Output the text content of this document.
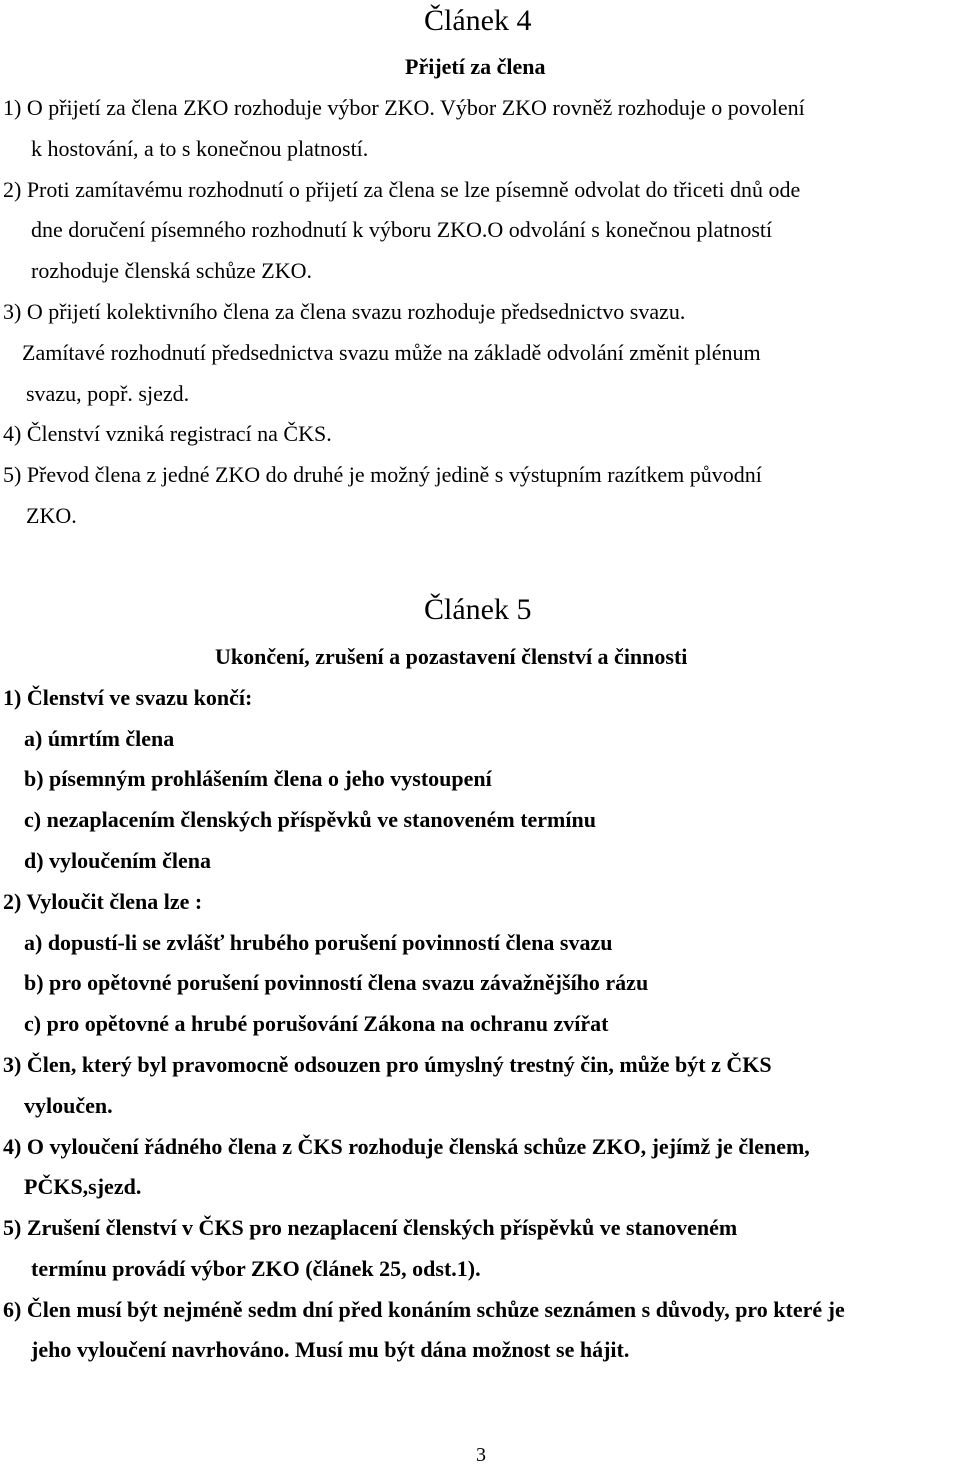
Článek 4
Přijetí za člena
1) O přijetí za člena ZKO rozhoduje výbor ZKO. Výbor ZKO rovněž rozhoduje o povolení
k hostování, a to s konečnou platností.
2) Proti zamítavému rozhodnutí o přijetí za člena se lze písemně odvolat do třiceti dnů ode
dne doručení písemného rozhodnutí k výboru ZKO.O odvolání s konečnou platností
rozhoduje členská schůze ZKO.
3) O přijetí kolektivního člena za člena svazu rozhoduje předsednictvo svazu.
Zamítavé rozhodnutí předsednictva svazu může na základě odvolání změnit plénum
svazu, popř. sjezd.
4) Členství vzniká registrací na ČKS.
5) Převod člena z jedné ZKO do druhé je možný jedině s výstupním razítkem původní
ZKO.
Článek 5
Ukončení, zrušení a pozastavení členství a činnosti
1) Členství ve svazu končí:
a) úmrtím člena
b) písemným prohlášením člena o jeho vystoupení
c) nezaplacením členských příspěvků ve stanoveném termínu
d) vyloučením člena
2) Vyloučit člena lze :
a) dopustí-li se zvlášť hrubého porušení povinností člena svazu
b) pro opětovné porušení povinností člena svazu závažnějšího rázu
c) pro opětovné a hrubé porušování Zákona na ochranu zvířat
3) Člen, který byl pravomocně odsouzen pro úmyslný trestný čin, může být z ČKS
vyloučen.
4) O vyloučení řádného člena z ČKS rozhoduje členská schůze ZKO, jejímž je členem,
PČKS,sjezd.
5) Zrušení členství v ČKS pro nezaplacení členských příspěvků ve stanoveném
termínu provádí výbor ZKO (článek 25, odst.1).
6) Člen musí být nejméně sedm dní před konáním schůze seznámen s důvody, pro které je
jeho vyloučení navrhováno. Musí mu být dána možnost se hájit.
3
